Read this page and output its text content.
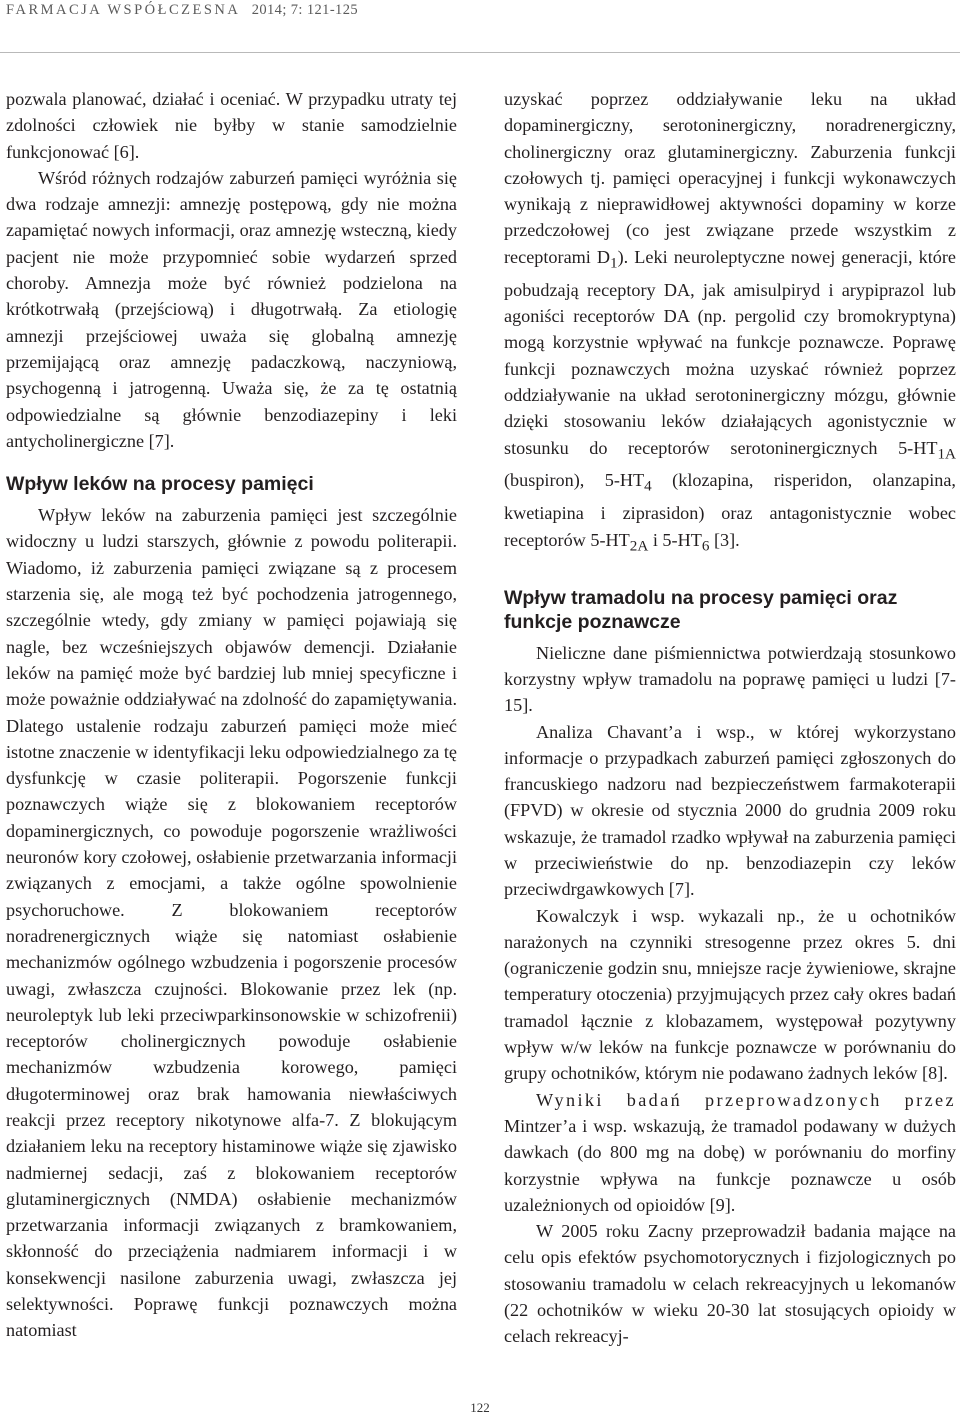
FARMACJA WSPÓŁCZESNA 2014; 7: 121-125

pozwala planować, działać i oceniać. W przypadku utraty tej zdolności człowiek nie byłby w stanie samodzielnie funkcjonować [6].

Wśród różnych rodzajów zaburzeń pamięci wyróżnia się dwa rodzaje amnezji: amnezję postępową, gdy nie można zapamiętać nowych informacji, oraz amnezję wsteczną, kiedy pacjent nie może przypomnieć sobie wydarzeń sprzed choroby. Amnezja może być również podzielona na krótkotrwałą (przejściową) i długotrwałą. Za etiologię amnezji przejściowej uważa się globalną amnezję przemijającą oraz amnezję padaczkową, naczyniową, psychogenną i jatrogenną. Uważa się, że za tę ostatnią odpowiedzialne są głównie benzodiazepiny i leki antycholinergiczne [7].

Wpływ leków na procesy pamięci

Wpływ leków na zaburzenia pamięci jest szczególnie widoczny u ludzi starszych, głównie z powodu politerapii. Wiadomo, iż zaburzenia pamięci związane są z procesem starzenia się, ale mogą też być pochodzenia jatrogennego, szczególnie wtedy, gdy zmiany w pamięci pojawiają się nagle, bez wcześniejszych objawów demencji. Działanie leków na pamięć może być bardziej lub mniej specyficzne i może poważnie oddziaływać na zdolność do zapamiętywania. Dlatego ustalenie rodzaju zaburzeń pamięci może mieć istotne znaczenie w identyfikacji leku odpowiedzialnego za tę dysfunkcję w czasie politerapii. Pogorszenie funkcji poznawczych wiąże się z blokowaniem receptorów dopaminergicznych, co powoduje pogorszenie wrażliwości neuronów kory czołowej, osłabienie przetwarzania informacji związanych z emocjami, a także ogólne spowolnienie psychoruchowe. Z blokowaniem receptorów noradrenergicznych wiąże się natomiast osłabienie mechanizmów ogólnego wzbudzenia i pogorszenie procesów uwagi, zwłaszcza czujności. Blokowanie przez lek (np. neuroleptyk lub leki przeciwparkinsonowskie w schizofrenii) receptorów cholinergicznych powoduje osłabienie mechanizmów wzbudzenia korowego, pamięci długoterminowej oraz brak hamowania niewłaściwych reakcji przez receptory nikotynowe alfa-7. Z blokującym działaniem leku na receptory histaminowe wiąże się zjawisko nadmiernej sedacji, zaś z blokowaniem receptorów glutaminergicznych (NMDA) osłabienie mechanizmów przetwarzania informacji związanych z bramkowaniem, skłonność do przeciążenia nadmiarem informacji i w konsekwencji nasilone zaburzenia uwagi, zwłaszcza jej selektywności. Poprawę funkcji poznawczych można natomiast

uzyskać poprzez oddziaływanie leku na układ dopaminergiczny, serotoninergiczny, noradrenergiczny, cholinergiczny oraz glutaminergiczny. Zaburzenia funkcji czołowych tj. pamięci operacyjnej i funkcji wykonawczych wynikają z nieprawidłowej aktywności dopaminy w korze przedczołowej (co jest związane przede wszystkim z receptorami $D_1$). Leki neuroleptyczne nowej generacji, które pobudzają receptory DA, jak amisulpiryd i arypiprazol lub agoniści receptorów DA (np. pergolid czy bromokryptyna) mogą korzystnie wpływać na funkcje poznawcze. Poprawę funkcji poznawczych można uzyskać również poprzez oddziaływanie na układ serotoninergiczny mózgu, głównie dzięki stosowaniu leków działających agonistycznie w stosunku do receptorów serotoninergicznych $5-HT_{1A}$ (buspiron), $5-HT_4$ (klozapina, risperidon, olanzapina, kwetiapina i ziprasidon) oraz antagonistycznie wobec receptorów $5-HT_{2A}$ i $5-HT_6$ [3].

Wpływ tramadolu na procesy pamięci oraz funkcje poznawcze

Nieliczne dane piśmiennictwa potwierdzają stosunkowo korzystny wpływ tramadolu na poprawę pamięci u ludzi [7-15].

Analiza Chavant’a i wsp., w której wykorzystano informacje o przypadkach zaburzeń pamięci zgłoszonych do francuskiego nadzoru nad bezpieczeństwem farmakoterapii (FPVD) w okresie od stycznia 2000 do grudnia 2009 roku wskazuje, że tramadol rzadko wpływał na zaburzenia pamięci w przeciwieństwie do np. benzodiazepin czy leków przeciwdrgawkowych [7].

Kowalczyk i wsp. wykazali np., że u ochotników narażonych na czynniki stresogenne przez okres 5. dni (ograniczenie godzin snu, mniejsze racje żywieniowe, skrajne temperatury otoczenia) przyjmujących przez cały okres badań tramadol łącznie z klobazamem, występował pozytywny wpływ w/w leków na funkcje poznawcze w porównaniu do grupy ochotników, którym nie podawano żadnych leków [8].

Wyniki badań przeprowadzonych przez Mintzer’a i wsp. wskazują, że tramadol podawany w dużych dawkach (do 800 mg na dobę) w porównaniu do morfiny korzystnie wpływa na funkcje poznawcze u osób uzależnionych od opioidów [9].

W 2005 roku Zacny przeprowadził badania mające na celu opis efektów psychomotorycznych i fizjologicznych po stosowaniu tramadolu w celach rekreacyjnych u lekomanów (22 ochotników w wieku 20-30 lat stosujących opioidy w celach rekreacyj-

122
